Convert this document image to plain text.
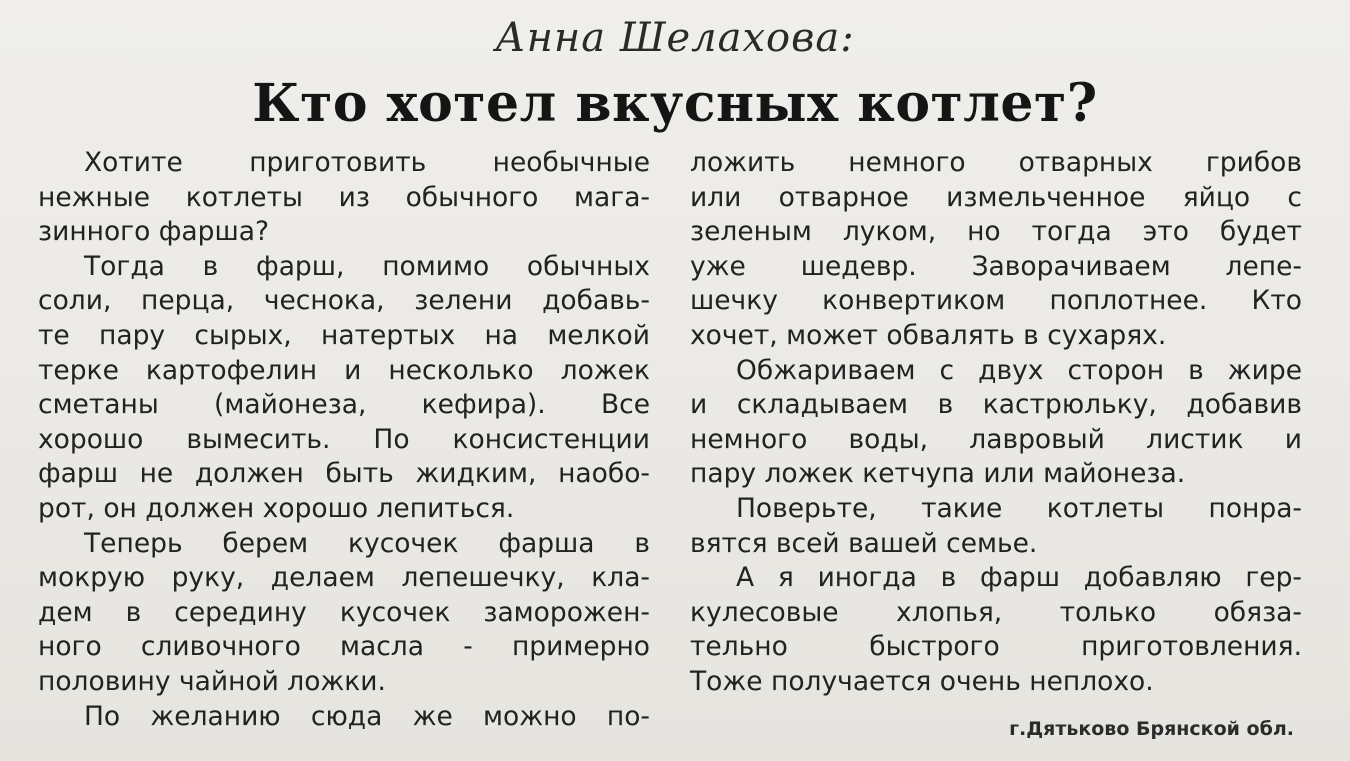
Анна Шелахова:
Кто хотел вкусных котлет?
Хотите приготовить необычные
нежные котлеты из обычного мага-
зинного фарша?
Тогда в фарш, помимо обычных
соли, перца, чеснока, зелени добавь-
те пару сырых, натертых на мелкой
терке картофелин и несколько ложек
сметаны (майонеза, кефира). Все
хорошо вымесить. По консистенции
фарш не должен быть жидким, наобо-
рот, он должен хорошо лепиться.
Теперь берем кусочек фарша в
мокрую руку, делаем лепешечку, кла-
дем в середину кусочек заморожен-
ного сливочного масла - примерно
половину чайной ложки.
По желанию сюда же можно по-
ложить немного отварных грибов
или отварное измельченное яйцо с
зеленым луком, но тогда это будет
уже шедевр. Заворачиваем лепе-
шечку конвертиком поплотнее. Кто
хочет, может обвалять в сухарях.
Обжариваем с двух сторон в жире
и складываем в кастрюльку, добавив
немного воды, лавровый листик и
пару ложек кетчупа или майонеза.
Поверьте, такие котлеты понра-
вятся всей вашей семье.
А я иногда в фарш добавляю гер-
кулесовые хлопья, только обяза-
тельно быстрого приготовления.
Тоже получается очень неплохо.
г.Дятьково Брянской обл.
